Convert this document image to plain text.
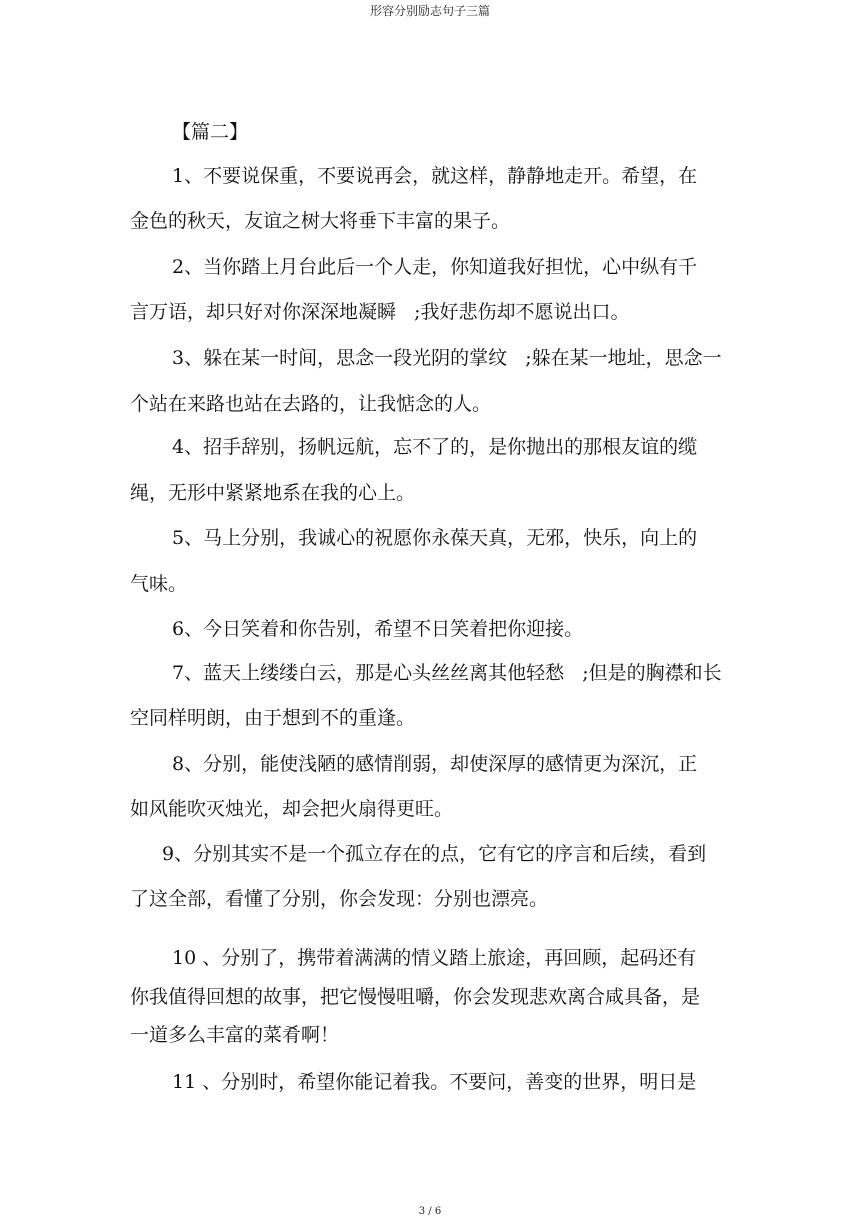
形容分别励志句子三篇
【篇二】
1、不要说保重，不要说再会，就这样，静静地走开。希望，在
金色的秋天，友谊之树大将垂下丰富的果子。
2、当你踏上月台此后一个人走，你知道我好担忧，心中纵有千
言万语，却只好对你深深地凝瞬   ;我好悲伤却不愿说出口。
3、躲在某一时间，思念一段光阴的掌纹   ;躲在某一地址，思念一
个站在来路也站在去路的，让我惦念的人。
4、招手辞别，扬帆远航，忘不了的，是你抛出的那根友谊的缆
绳，无形中紧紧地系在我的心上。
5、马上分别，我诚心的祝愿你永葆天真，无邪，快乐，向上的
气味。
6、今日笑着和你告别，希望不日笑着把你迎接。
7、蓝天上缕缕白云，那是心头丝丝离其他轻愁   ;但是的胸襟和长
空同样明朗，由于想到不的重逢。
8、分别，能使浅陋的感情削弱，却使深厚的感情更为深沉，正
如风能吹灭烛光，却会把火扇得更旺。
9、分别其实不是一个孤立存在的点，它有它的序言和后续，看到
了这全部，看懂了分别，你会发现：分别也漂亮。
10 、分别了，携带着满满的情义踏上旅途，再回顾，起码还有
你我值得回想的故事，把它慢慢咀嚼，你会发现悲欢离合咸具备，是
一道多么丰富的菜肴啊！
11 、分别时，希望你能记着我。不要问，善变的世界，明日是
3 / 6
